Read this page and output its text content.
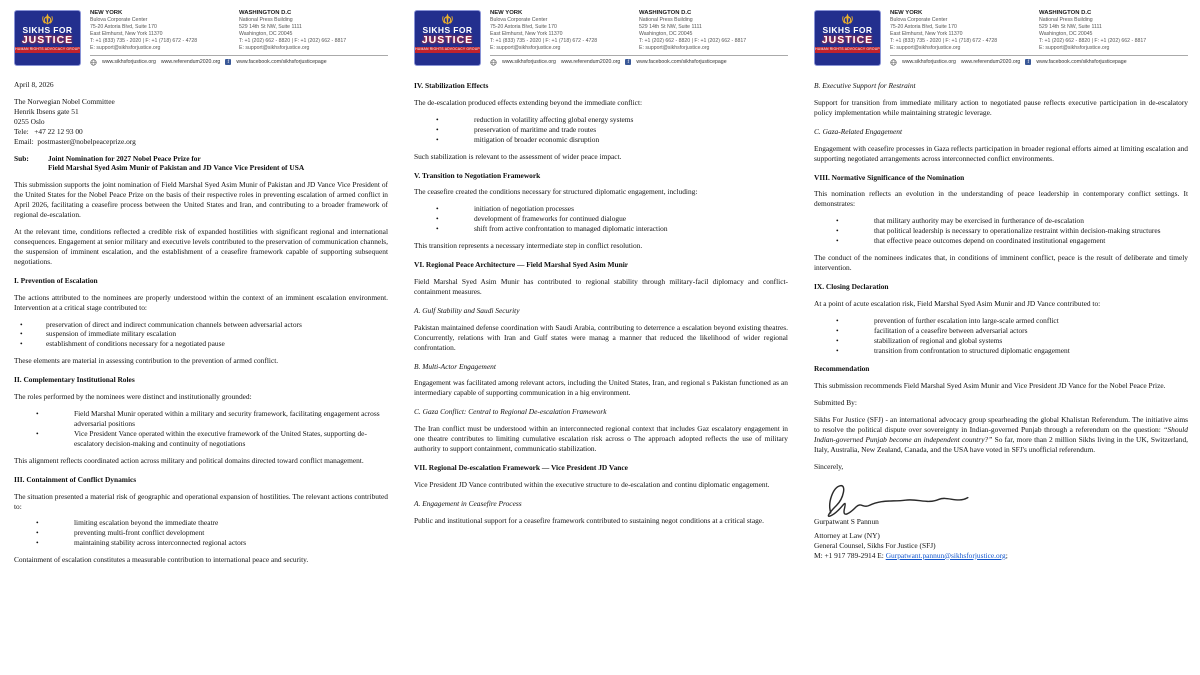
SIKHS FOR
JUSTICE
HUMAN RIGHTS ADVOCACY GROUP
NEW YORK
Bulova Corporate Center
75-20 Astoria Blvd, Suite 170
East Elmhurst, New York 11370
T: +1 (833) 735 - 2020 | F: +1 (718) 672 - 4728
E: support@sikhsforjustice.org
WASHINGTON D.C
National Press Building
529 14th St NW, Suite 1111
Washington, DC 20045
T: +1 (202) 662 - 8820 | F: +1 (202) 662 - 8817
E: support@sikhsforjustice.org
www.sikhsforjustice.org www.referendum2020.org	f	www.facebook.com/sikhsforjusticepage

April 8, 2026

The Norwegian Nobel Committee
Henrik Ibsens gate 51
0255 Oslo
Tele:   +47 22 12 93 00
Email:  postmaster@nobelpeaceprize.org
Sub:	Joint Nomination for 2027 Nobel Peace Prize for
Field Marshal Syed Asim Munir of Pakistan and JD Vance Vice President of USA

This submission supports the joint nomination of Field Marshal Syed Asim Munir of Pakistan and JD Vance Vice President of the United States for the Nobel Peace Prize on the basis of their respective roles in preventing escalation of armed conflict in April 2026, facilitating a ceasefire process between the United States and Iran, and contributing to a broader framework of regional de-escalation.

At the relevant time, conditions reflected a credible risk of expanded hostilities with significant regional and international consequences. Engagement at senior military and executive levels contributed to the preservation of communication channels, the suspension of imminent escalation, and the establishment of a ceasefire framework capable of supporting subsequent negotiations.

I. Prevention of Escalation

The actions attributed to the nominees are properly understood within the context of an imminent escalation environment. Intervention at a critical stage contributed to:

•	preservation of direct and indirect communication channels between adversarial actors
•	suspension of immediate military escalation
•	establishment of conditions necessary for a negotiated pause

These elements are material in assessing contribution to the prevention of armed conflict.

II. Complementary Institutional Roles

The roles performed by the nominees were distinct and institutionally grounded:

•	Field Marshal Munir operated within a military and security framework, facilitating engagement across adversarial positions
•	Vice President Vance operated within the executive framework of the United States, supporting de-escalatory decision-making and continuity of negotiations

This alignment reflects coordinated action across military and political domains directed toward conflict management.

III. Containment of Conflict Dynamics

The situation presented a material risk of geographic and operational expansion of hostilities. The relevant actions contributed to:

•	limiting escalation beyond the immediate theatre
•	preventing multi-front conflict development
•	maintaining stability across interconnected regional actors

Containment of escalation constitutes a measurable contribution to international peace and security.

SIKHS FOR
JUSTICE
HUMAN RIGHTS ADVOCACY GROUP
NEW YORK
Bulova Corporate Center
75-20 Astoria Blvd, Suite 170
East Elmhurst, New York 11370
T: +1 (833) 735 - 2020 | F: +1 (718) 672 - 4728
E: support@sikhsforjustice.org
WASHINGTON D.C
National Press Building
529 14th St NW, Suite 1111
Washington, DC 20045
T: +1 (202) 662 - 8820 | F: +1 (202) 662 - 8817
E: support@sikhsforjustice.org
www.sikhsforjustice.org www.referendum2020.org	f	www.facebook.com/sikhsforjusticepage

IV. Stabilization Effects

The de-escalation produced effects extending beyond the immediate conflict:

•	reduction in volatility affecting global energy systems
•	preservation of maritime and trade routes
•	mitigation of broader economic disruption

Such stabilization is relevant to the assessment of wider peace impact.

V. Transition to Negotiation Framework

The ceasefire created the conditions necessary for structured diplomatic engagement, including:

•	initiation of negotiation processes
•	development of frameworks for continued dialogue
•	shift from active confrontation to managed diplomatic interaction

This transition represents a necessary intermediate step in conflict resolution.

VI. Regional Peace Architecture — Field Marshal Syed Asim Munir

Field Marshal Syed Asim Munir has contributed to regional stability through military-facil diplomacy and conflict-containment measures.

A. Gulf Stability and Saudi Security

Pakistan maintained defense coordination with Saudi Arabia, contributing to deterrence a escalation beyond existing theatres. Concurrently, relations with Iran and Gulf states were manag a manner that reduced the likelihood of wider regional confrontation.

B. Multi-Actor Engagement

Engagement was facilitated among relevant actors, including the United States, Iran, and regional s Pakistan functioned as an intermediary capable of supporting communication in a hig environment.

C. Gaza Conflict: Central to Regional De-escalation Framework

The Iran conflict must be understood within an interconnected regional context that includes Gaz escalatory engagement in one theatre contributes to limiting cumulative escalation risk across o The approach adopted reflects the use of military authority to support containment, communicatio stabilization.

VII. Regional De-escalation Framework — Vice President JD Vance

Vice President JD Vance contributed within the executive structure to de-escalation and continu diplomatic engagement.

A. Engagement in Ceasefire Process

Public and institutional support for a ceasefire framework contributed to sustaining negot conditions at a critical stage.

SIKHS FOR
JUSTICE
HUMAN RIGHTS ADVOCACY GROUP
NEW YORK
Bulova Corporate Center
75-20 Astoria Blvd, Suite 170
East Elmhurst, New York 11370
T: +1 (833) 735 - 2020 | F: +1 (718) 672 - 4728
E: support@sikhsforjustice.org
WASHINGTON D.C
National Press Building
529 14th St NW, Suite 1111
Washington, DC 20045
T: +1 (202) 662 - 8820 | F: +1 (202) 662 - 8817
E: support@sikhsforjustice.org
www.sikhsforjustice.org www.referendum2020.org	f	www.facebook.com/sikhsforjusticepage

B. Executive Support for Restraint

Support for transition from immediate military action to negotiated pause reflects executive participation in de-escalatory policy implementation while maintaining strategic leverage.

C. Gaza-Related Engagement

Engagement with ceasefire processes in Gaza reflects participation in broader regional efforts aimed at limiting escalation and supporting negotiated arrangements across interconnected conflict environments.

VIII. Normative Significance of the Nomination

This nomination reflects an evolution in the understanding of peace leadership in contemporary conflict settings. It demonstrates:

•	that military authority may be exercised in furtherance of de-escalation
•	that political leadership is necessary to operationalize restraint within decision-making structures
•	that effective peace outcomes depend on coordinated institutional engagement

The conduct of the nominees indicates that, in conditions of imminent conflict, peace is the result of deliberate and timely intervention.

IX. Closing Declaration

At a point of acute escalation risk, Field Marshal Syed Asim Munir and JD Vance contributed to:

•	prevention of further escalation into large-scale armed conflict
•	facilitation of a ceasefire between adversarial actors
•	stabilization of regional and global systems
•	transition from confrontation to structured diplomatic engagement

Recommendation

This submission recommends Field Marshal Syed Asim Munir and Vice President JD Vance for the Nobel Peace Prize.

Submitted By:

Sikhs For Justice (SFJ) - an international advocacy group spearheading the global Khalistan Referendum. The initiative aims to resolve the political dispute over sovereignty in Indian-governed Punjab through a referendum on the question: “Should Indian-governed Punjab become an independent country?” So far, more than 2 million Sikhs living in the UK, Switzerland, Italy, Australia, New Zealand, Canada, and the USA have voted in SFJ's unofficial referendum.

Sincerely,

Gurpatwant S Pannun
Attorney at Law (NY)
General Counsel, Sikhs For Justice (SFJ)
M: +1 917 789-2914 E: Gurpatwant.pannun@sikhsforjustice.org;
